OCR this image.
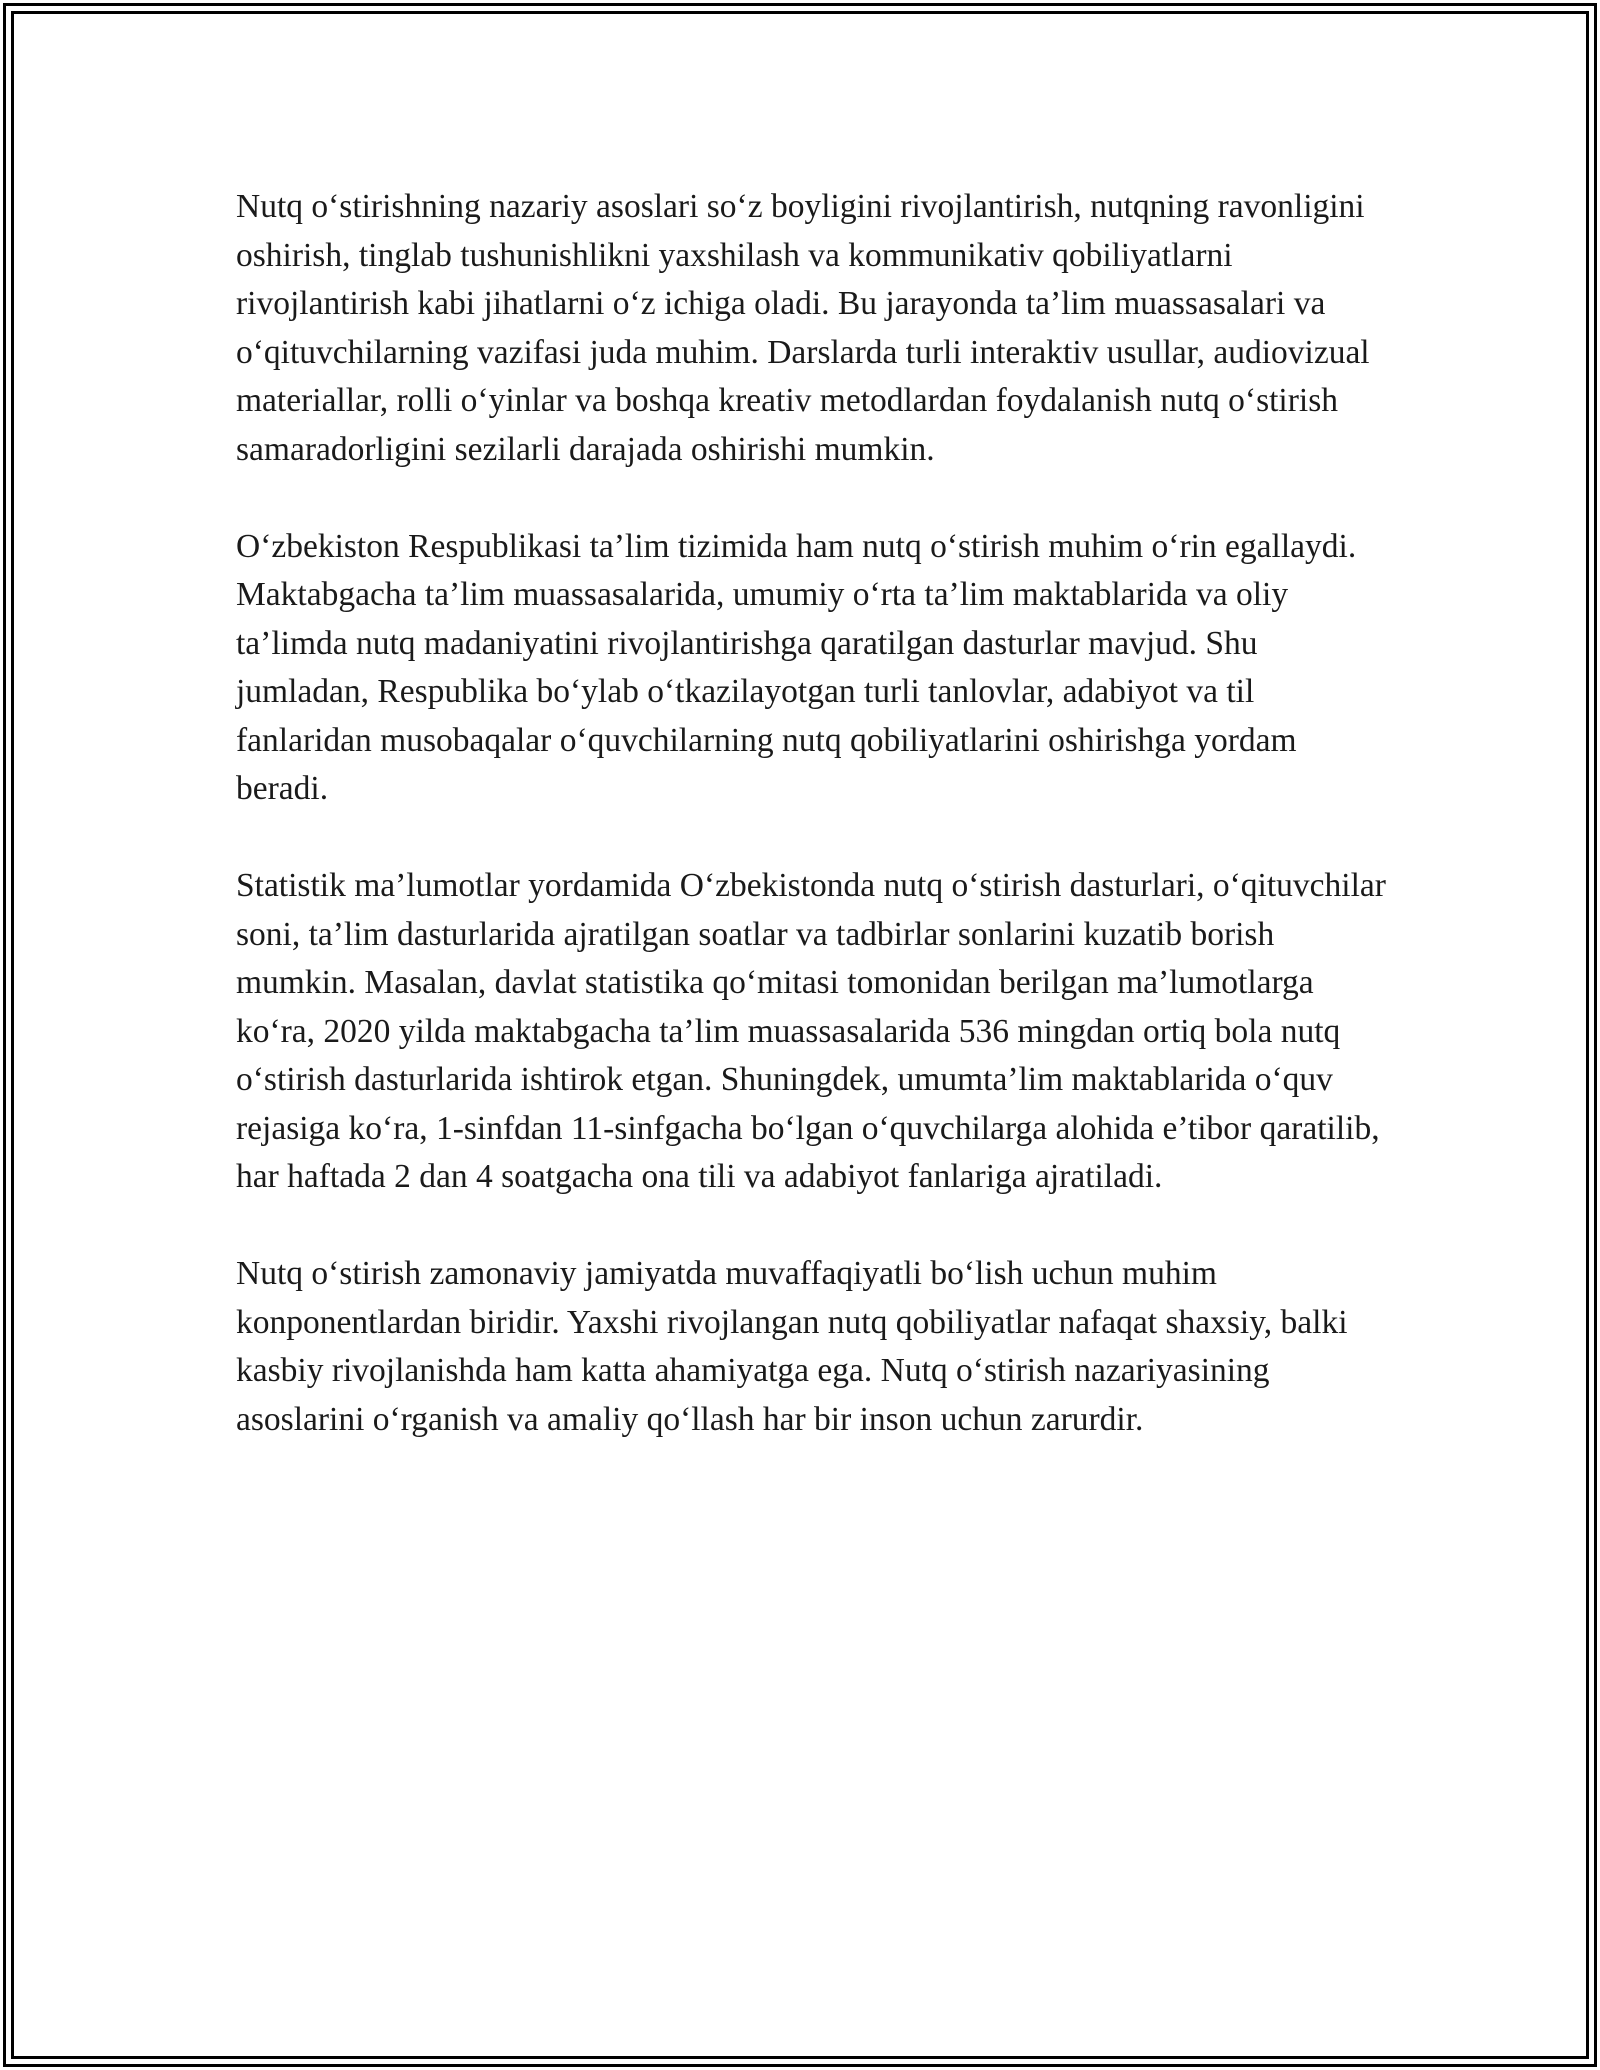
Nutq o‘stirishning nazariy asoslari so‘z boyligini rivojlantirish, nutqning ravonligini oshirish, tinglab tushunishlikni yaxshilash va kommunikativ qobiliyatlarni rivojlantirish kabi jihatlarni o‘z ichiga oladi. Bu jarayonda ta’lim muassasalari va o‘qituvchilarning vazifasi juda muhim. Darslarda turli interaktiv usullar, audiovizual materiallar, rolli o‘yinlar va boshqa kreativ metodlardan foydalanish nutq o‘stirish samaradorligini sezilarli darajada oshirishi mumkin.

O‘zbekiston Respublikasi ta’lim tizimida ham nutq o‘stirish muhim o‘rin egallaydi. Maktabgacha ta’lim muassasalarida, umumiy o‘rta ta’lim maktablarida va oliy ta’limda nutq madaniyatini rivojlantirishga qaratilgan dasturlar mavjud. Shu jumladan, Respublika bo‘ylab o‘tkazilayotgan turli tanlovlar, adabiyot va til fanlaridan musobaqalar o‘quvchilarning nutq qobiliyatlarini oshirishga yordam beradi.

Statistik ma’lumotlar yordamida O‘zbekistonda nutq o‘stirish dasturlari, o‘qituvchilar soni, ta’lim dasturlarida ajratilgan soatlar va tadbirlar sonlarini kuzatib borish mumkin. Masalan, davlat statistika qo‘mitasi tomonidan berilgan ma’lumotlarga ko‘ra, 2020 yilda maktabgacha ta’lim muassasalarida 536 mingdan ortiq bola nutq o‘stirish dasturlarida ishtirok etgan. Shuningdek, umumta’lim maktablarida o‘quv rejasiga ko‘ra, 1-sinfdan 11-sinfgacha bo‘lgan o‘quvchilarga alohida e’tibor qaratilib, har haftada 2 dan 4 soatgacha ona tili va adabiyot fanlariga ajratiladi.

Nutq o‘stirish zamonaviy jamiyatda muvaffaqiyatli bo‘lish uchun muhim konponentlardan biridir. Yaxshi rivojlangan nutq qobiliyatlar nafaqat shaxsiy, balki kasbiy rivojlanishda ham katta ahamiyatga ega. Nutq o‘stirish nazariyasining asoslarini o‘rganish va amaliy qo‘llash har bir inson uchun zarurdir.
